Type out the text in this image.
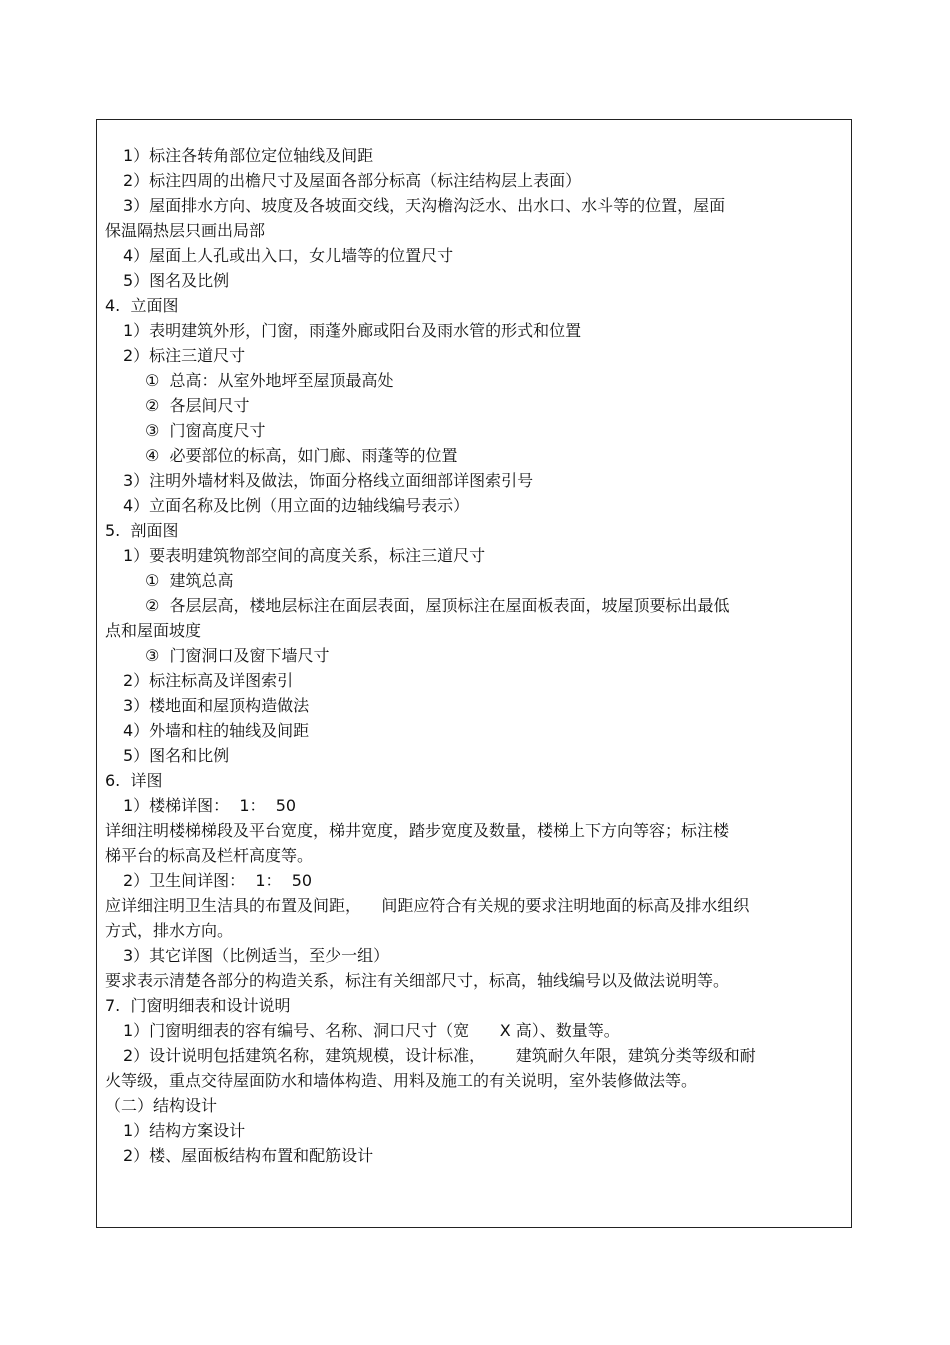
1）标注各转角部位定位轴线及间距
2）标注四周的出檐尺寸及屋面各部分标高（标注结构层上表面）
3）屋面排水方向、坡度及各坡面交线，天沟檐沟泛水、出水口、水斗等的位置，屋面
保温隔热层只画出局部
4）屋面上人孔或出入口，女儿墙等的位置尺寸
5）图名及比例
4.  立面图
1）表明建筑外形，门窗，雨蓬外廊或阳台及雨水管的形式和位置
2）标注三道尺寸
①  总高：从室外地坪至屋顶最高处
②  各层间尺寸
③  门窗高度尺寸
④  必要部位的标高，如门廊、雨蓬等的位置
3）注明外墙材料及做法，饰面分格线立面细部详图索引号
4）立面名称及比例（用立面的边轴线编号表示）
5.  剖面图
1）要表明建筑物部空间的高度关系，标注三道尺寸
①  建筑总高
②  各层层高，楼地层标注在面层表面，屋顶标注在屋面板表面，坡屋顶要标出最低
点和屋面坡度
③  门窗洞口及窗下墙尺寸
2）标注标高及详图索引
3）楼地面和屋顶构造做法
4）外墙和柱的轴线及间距
5）图名和比例
6.  详图
1）楼梯详图：  1：  50
详细注明楼梯梯段及平台宽度，梯井宽度，踏步宽度及数量，楼梯上下方向等容；标注楼
梯平台的标高及栏杆高度等。
2）卫生间详图：  1：  50
应详细注明卫生洁具的布置及间距，    间距应符合有关规的要求注明地面的标高及排水组织
方式，排水方向。
3）其它详图（比例适当，至少一组）
要求表示清楚各部分的构造关系，标注有关细部尺寸，标高，轴线编号以及做法说明等。
7.  门窗明细表和设计说明
1）门窗明细表的容有编号、名称、洞口尺寸（宽      X 高）、数量等。
2）设计说明包括建筑名称，建筑规模，设计标准，      建筑耐久年限，建筑分类等级和耐
火等级，重点交待屋面防水和墙体构造、用料及施工的有关说明，室外装修做法等。
（二）结构设计
1）结构方案设计
2）楼、屋面板结构布置和配筋设计
